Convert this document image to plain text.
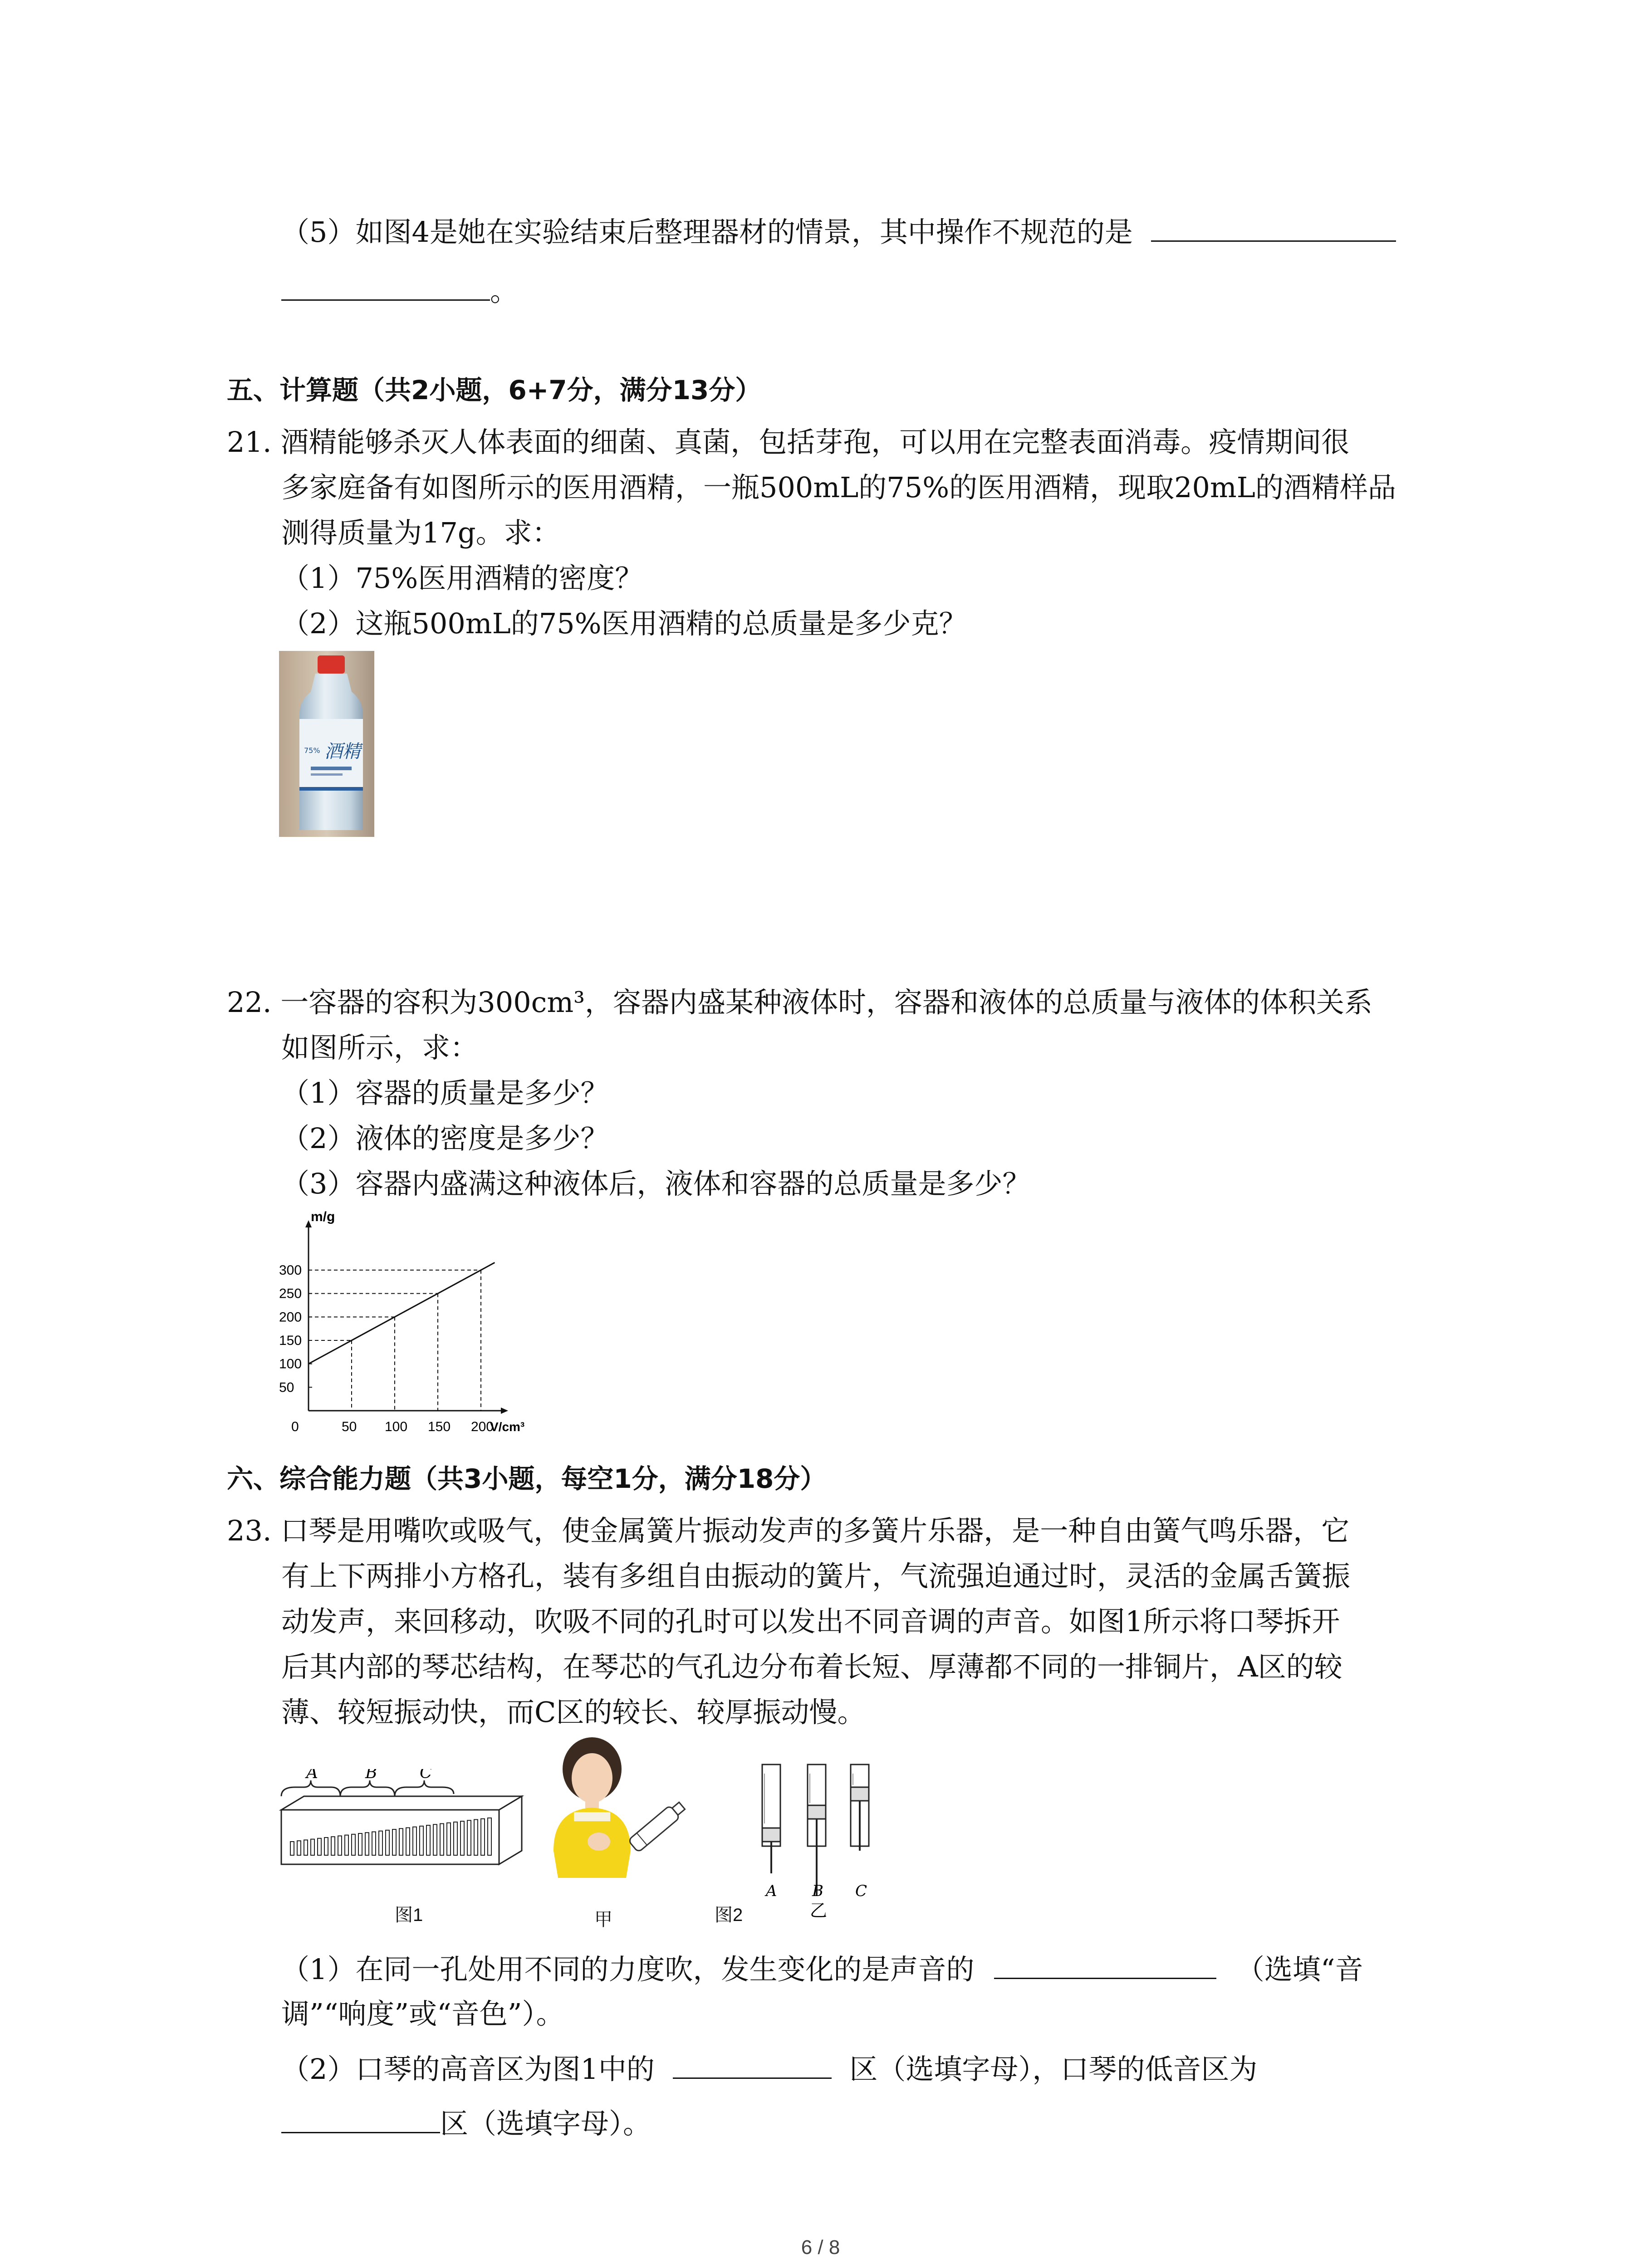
（5）如图4是她在实验结束后整理器材的情景，其中操作不规范的是
。
五、计算题（共2小题，6+7分，满分13分）
21. 酒精能够杀灭人体表面的细菌、真菌，包括芽孢，可以用在完整表面消毒。疫情期间很
多家庭备有如图所示的医用酒精，一瓶500mL的75%的医用酒精，现取20mL的酒精样品
测得质量为17g。求：
（1）75%医用酒精的密度？
（2）这瓶500mL的75%医用酒精的总质量是多少克？
酒精
75%
22. 一容器的容积为300cm³，容器内盛某种液体时，容器和液体的总质量与液体的体积关系
如图所示，求：
（1）容器的质量是多少？
（2）液体的密度是多少？
（3）容器内盛满这种液体后，液体和容器的总质量是多少？
m/g
V/cm³
0	50 100 150 200
50
100
150
200
250
300
六、综合能力题（共3小题，每空1分，满分18分）
23. 口琴是用嘴吹或吸气，使金属簧片振动发声的多簧片乐器，是一种自由簧气鸣乐器，它
有上下两排小方格孔，装有多组自由振动的簧片，气流强迫通过时，灵活的金属舌簧振
动发声，来回移动，吹吸不同的孔时可以发出不同音调的声音。如图1所示将口琴拆开
后其内部的琴芯结构，在琴芯的气孔边分布着长短、厚薄都不同的一排铜片，A区的较
薄、较短振动快，而C区的较长、较厚振动慢。
A	B	C
图1	甲
A B C
乙
图2
（1）在同一孔处用不同的力度吹，发生变化的是声音的	（选填“音
调”“响度”或“音色”）。
（2）口琴的高音区为图1中的	区（选填字母），口琴的低音区为
区（选填字母）。
6 / 8
